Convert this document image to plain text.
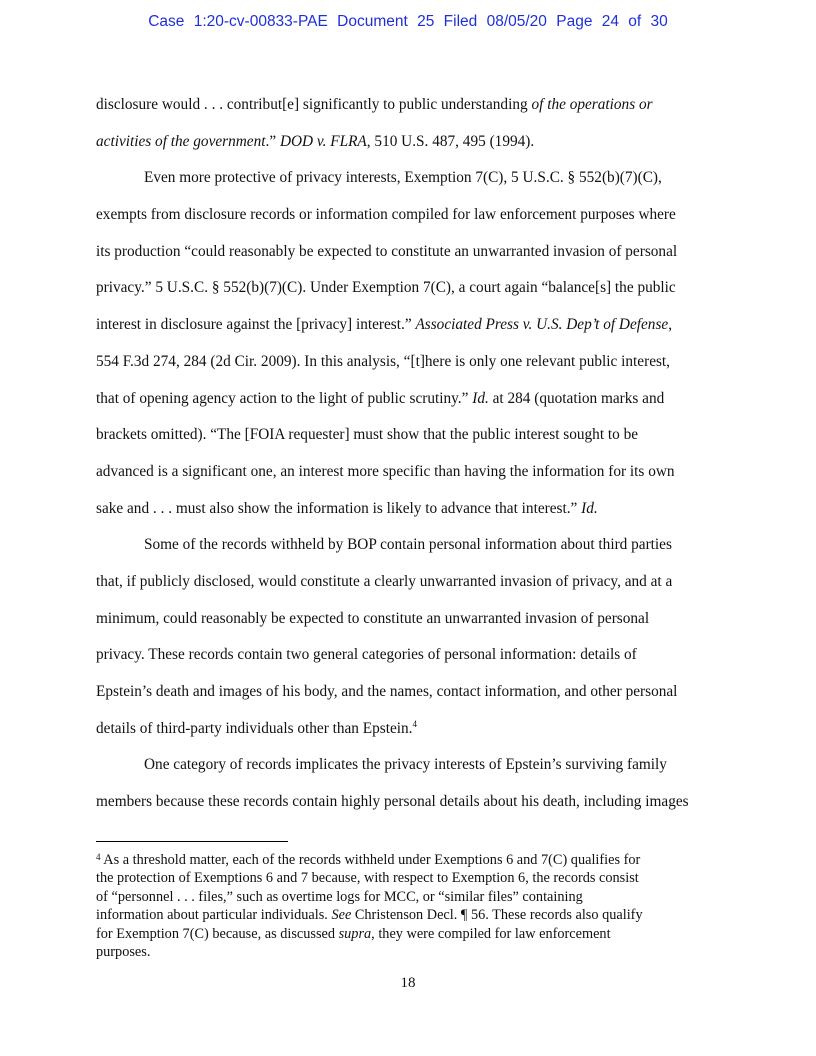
Case 1:20-cv-00833-PAE Document 25 Filed 08/05/20 Page 24 of 30
disclosure would . . . contribut[e] significantly to public understanding of the operations or
activities of the government.” DOD v. FLRA, 510 U.S. 487, 495 (1994).
Even more protective of privacy interests, Exemption 7(C), 5 U.S.C. § 552(b)(7)(C),
exempts from disclosure records or information compiled for law enforcement purposes where
its production “could reasonably be expected to constitute an unwarranted invasion of personal
privacy.” 5 U.S.C. § 552(b)(7)(C). Under Exemption 7(C), a court again “balance[s] the public
interest in disclosure against the [privacy] interest.” Associated Press v. U.S. Dep’t of Defense,
554 F.3d 274, 284 (2d Cir. 2009). In this analysis, “[t]here is only one relevant public interest,
that of opening agency action to the light of public scrutiny.” Id. at 284 (quotation marks and
brackets omitted). “The [FOIA requester] must show that the public interest sought to be
advanced is a significant one, an interest more specific than having the information for its own
sake and . . . must also show the information is likely to advance that interest.” Id.
Some of the records withheld by BOP contain personal information about third parties
that, if publicly disclosed, would constitute a clearly unwarranted invasion of privacy, and at a
minimum, could reasonably be expected to constitute an unwarranted invasion of personal
privacy. These records contain two general categories of personal information: details of
Epstein’s death and images of his body, and the names, contact information, and other personal
details of third-party individuals other than Epstein.$^4$
One category of records implicates the privacy interests of Epstein’s surviving family
members because these records contain highly personal details about his death, including images
$^4$ As a threshold matter, each of the records withheld under Exemptions 6 and 7(C) qualifies for
the protection of Exemptions 6 and 7 because, with respect to Exemption 6, the records consist
of “personnel . . . files,” such as overtime logs for MCC, or “similar files” containing
information about particular individuals. See Christenson Decl. ¶ 56. These records also qualify
for Exemption 7(C) because, as discussed supra, they were compiled for law enforcement
purposes.
18
